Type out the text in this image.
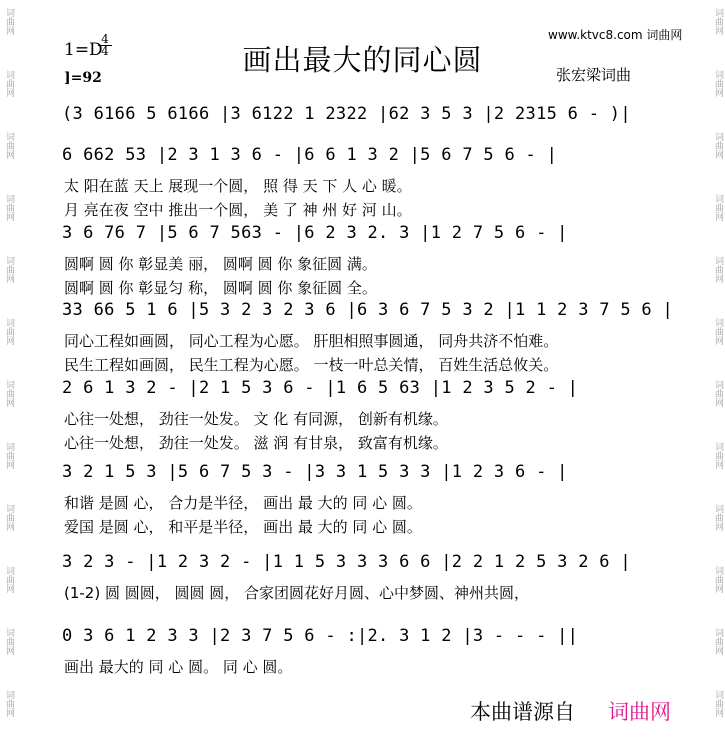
词曲网
词曲网
词曲网
词曲网
词曲网
词曲网
词曲网
词曲网
词曲网
词曲网
词曲网
词曲网
词曲网
词曲网
词曲网
词曲网
词曲网
词曲网
词曲网
词曲网
词曲网
词曲网
词曲网
词曲网
www.ktvc8.com 词曲网
画出最大的同心圆
1=D
4
4
]=92	张宏梁词曲
(3 6166 5 6166 |3 6122 1 2322 |62 3 5 3 |2 2315 6 - )|
6 662 53 |2 3 1 3 6 - |6 6 1 3 2 |5 6 7 5 6 - |
太 阳在蓝 天上 展现一个圆， 照 得 天 下 人 心 暖。
月 亮在夜 空中 推出一个圆， 美 了 神 州 好 河 山。
3 6 76 7 |5 6 7 563 - |6 2 3 2. 3 |1 2 7 5 6 - |
圆啊 圆 你 彰显美 丽， 圆啊 圆 你 象征圆 满。
圆啊 圆 你 彰显匀 称， 圆啊 圆 你 象征圆 全。
33 66 5 1 6 |5 3 2 3 2 3 6 |6 3 6 7 5 3 2 |1 1 2 3 7 5 6 |
同心工程如画圆， 同心工程为心愿。 肝胆相照事圆通， 同舟共济不怕难。
民生工程如画圆， 民生工程为心愿。 一枝一叶总关情， 百姓生活总攸关。
2 6 1 3 2 - |2 1 5 3 6 - |1 6 5 63 |1 2 3 5 2 - |
心往一处想， 劲往一处发。 文 化 有同源， 创新有机缘。
心往一处想， 劲往一处发。 滋 润 有甘泉， 致富有机缘。
3 2 1 5 3 |5 6 7 5 3 - |3 3 1 5 3 3 |1 2 3 6 - |
和谐 是圆 心， 合力是半径， 画出 最 大的 同 心 圆。
爱国 是圆 心， 和平是半径， 画出 最 大的 同 心 圆。
3 2 3 - |1 2 3 2 - |1 1 5 3 3 3 6 6 |2 2 1 2 5 3 2 6 |
(1-2) 圆 圆圆， 圆圆 圆， 合家团圆花好月圆、心中梦圆、神州共圆，
0 3 6 1 2 3 3 |2 3 7 5 6 - :|2. 3 1 2 |3 - - - ||
画出 最大的 同 心 圆。 同 心 圆。
本曲谱源自 词曲网
